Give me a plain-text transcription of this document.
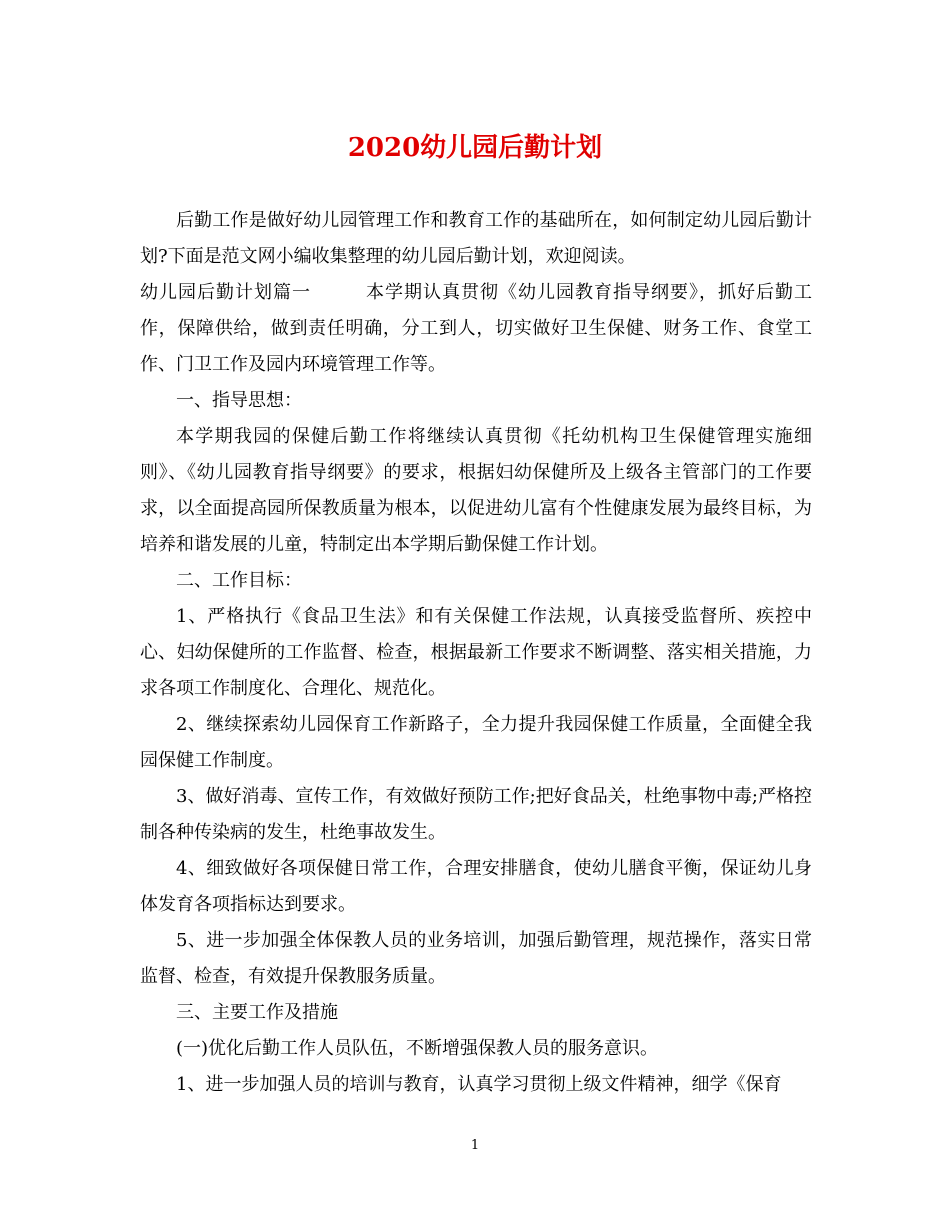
2020幼儿园后勤计划

后勤工作是做好幼儿园管理工作和教育工作的基础所在，如何制定幼儿园后勤计划?下面是范文网小编收集整理的幼儿园后勤计划，欢迎阅读。

幼儿园后勤计划篇一	本学期认真贯彻《幼儿园教育指导纲要》，抓好后勤工作，保障供给，做到责任明确，分工到人，切实做好卫生保健、财务工作、食堂工作、门卫工作及园内环境管理工作等。

一、指导思想：

本学期我园的保健后勤工作将继续认真贯彻《托幼机构卫生保健管理实施细则》、《幼儿园教育指导纲要》的要求，根据妇幼保健所及上级各主管部门的工作要求，以全面提高园所保教质量为根本，以促进幼儿富有个性健康发展为最终目标，为培养和谐发展的儿童，特制定出本学期后勤保健工作计划。

二、工作目标：

1、严格执行《食品卫生法》和有关保健工作法规，认真接受监督所、疾控中心、妇幼保健所的工作监督、检查，根据最新工作要求不断调整、落实相关措施，力求各项工作制度化、合理化、规范化。

2、继续探索幼儿园保育工作新路子，全力提升我园保健工作质量，全面健全我园保健工作制度。

3、做好消毒、宣传工作，有效做好预防工作;把好食品关，杜绝事物中毒;严格控制各种传染病的发生，杜绝事故发生。

4、细致做好各项保健日常工作，合理安排膳食，使幼儿膳食平衡，保证幼儿身体发育各项指标达到要求。

5、进一步加强全体保教人员的业务培训，加强后勤管理，规范操作，落实日常监督、检查，有效提升保教服务质量。

三、主要工作及措施

(一)优化后勤工作人员队伍，不断增强保教人员的服务意识。

1、进一步加强人员的培训与教育，认真学习贯彻上级文件精神，细学《保育

1
